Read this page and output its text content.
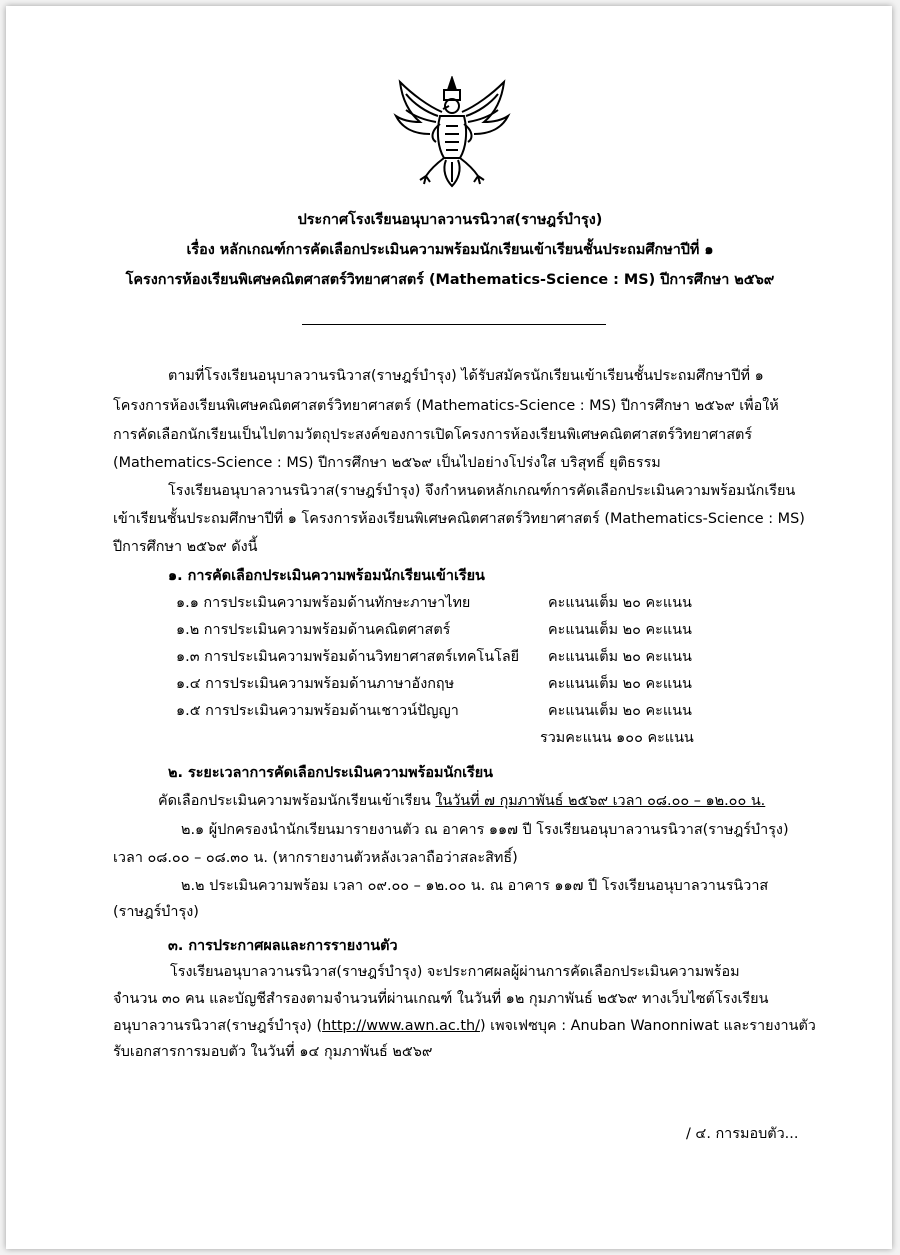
ประกาศโรงเรียนอนุบาลวานรนิวาส(ราษฎร์บำรุง)
เรื่อง หลักเกณฑ์การคัดเลือกประเมินความพร้อมนักเรียนเข้าเรียนชั้นประถมศึกษาปีที่ ๑
โครงการห้องเรียนพิเศษคณิตศาสตร์วิทยาศาสตร์ (Mathematics-Science : MS) ปีการศึกษา ๒๕๖๙
ตามที่โรงเรียนอนุบาลวานรนิวาส(ราษฎร์บำรุง) ได้รับสมัครนักเรียนเข้าเรียนชั้นประถมศึกษาปีที่ ๑
โครงการห้องเรียนพิเศษคณิตศาสตร์วิทยาศาสตร์ (Mathematics-Science : MS) ปีการศึกษา ๒๕๖๙ เพื่อให้
การคัดเลือกนักเรียนเป็นไปตามวัตถุประสงค์ของการเปิดโครงการห้องเรียนพิเศษคณิตศาสตร์วิทยาศาสตร์
(Mathematics-Science : MS) ปีการศึกษา ๒๕๖๙ เป็นไปอย่างโปร่งใส บริสุทธิ์ ยุติธรรม
โรงเรียนอนุบาลวานรนิวาส(ราษฎร์บำรุง) จึงกำหนดหลักเกณฑ์การคัดเลือกประเมินความพร้อมนักเรียน
เข้าเรียนชั้นประถมศึกษาปีที่ ๑ โครงการห้องเรียนพิเศษคณิตศาสตร์วิทยาศาสตร์ (Mathematics-Science : MS)
ปีการศึกษา ๒๕๖๙ ดังนี้
๑. การคัดเลือกประเมินความพร้อมนักเรียนเข้าเรียน
๑.๑ การประเมินความพร้อมด้านทักษะภาษาไทย	คะแนนเต็ม ๒๐ คะแนน
๑.๒ การประเมินความพร้อมด้านคณิตศาสตร์	คะแนนเต็ม ๒๐ คะแนน
๑.๓ การประเมินความพร้อมด้านวิทยาศาสตร์เทคโนโลยี คะแนนเต็ม ๒๐ คะแนน
๑.๔ การประเมินความพร้อมด้านภาษาอังกฤษ	คะแนนเต็ม ๒๐ คะแนน
๑.๕ การประเมินความพร้อมด้านเชาวน์ปัญญา	คะแนนเต็ม ๒๐ คะแนน
รวมคะแนน ๑๐๐ คะแนน
๒. ระยะเวลาการคัดเลือกประเมินความพร้อมนักเรียน
คัดเลือกประเมินความพร้อมนักเรียนเข้าเรียน ในวันที่ ๗ กุมภาพันธ์ ๒๕๖๙ เวลา ๐๘.๐๐ – ๑๒.๐๐ น.
๒.๑ ผู้ปกครองนำนักเรียนมารายงานตัว ณ อาคาร ๑๑๗ ปี โรงเรียนอนุบาลวานรนิวาส(ราษฎร์บำรุง)
เวลา ๐๘.๐๐ – ๐๘.๓๐ น. (หากรายงานตัวหลังเวลาถือว่าสละสิทธิ์)
๒.๒ ประเมินความพร้อม เวลา ๐๙.๐๐ – ๑๒.๐๐ น. ณ อาคาร ๑๑๗ ปี โรงเรียนอนุบาลวานรนิวาส
(ราษฎร์บำรุง)
๓. การประกาศผลและการรายงานตัว
โรงเรียนอนุบาลวานรนิวาส(ราษฎร์บำรุง) จะประกาศผลผู้ผ่านการคัดเลือกประเมินความพร้อม
จำนวน ๓๐ คน และบัญชีสำรองตามจำนวนที่ผ่านเกณฑ์ ในวันที่ ๑๒ กุมภาพันธ์ ๒๕๖๙ ทางเว็บไซต์โรงเรียน
อนุบาลวานรนิวาส(ราษฎร์บำรุง) (http://www.awn.ac.th/) เพจเฟซบุค : Anuban Wanonniwat และรายงานตัว
รับเอกสารการมอบตัว ในวันที่ ๑๔ กุมภาพันธ์ ๒๕๖๙
/ ๔. การมอบตัว...
